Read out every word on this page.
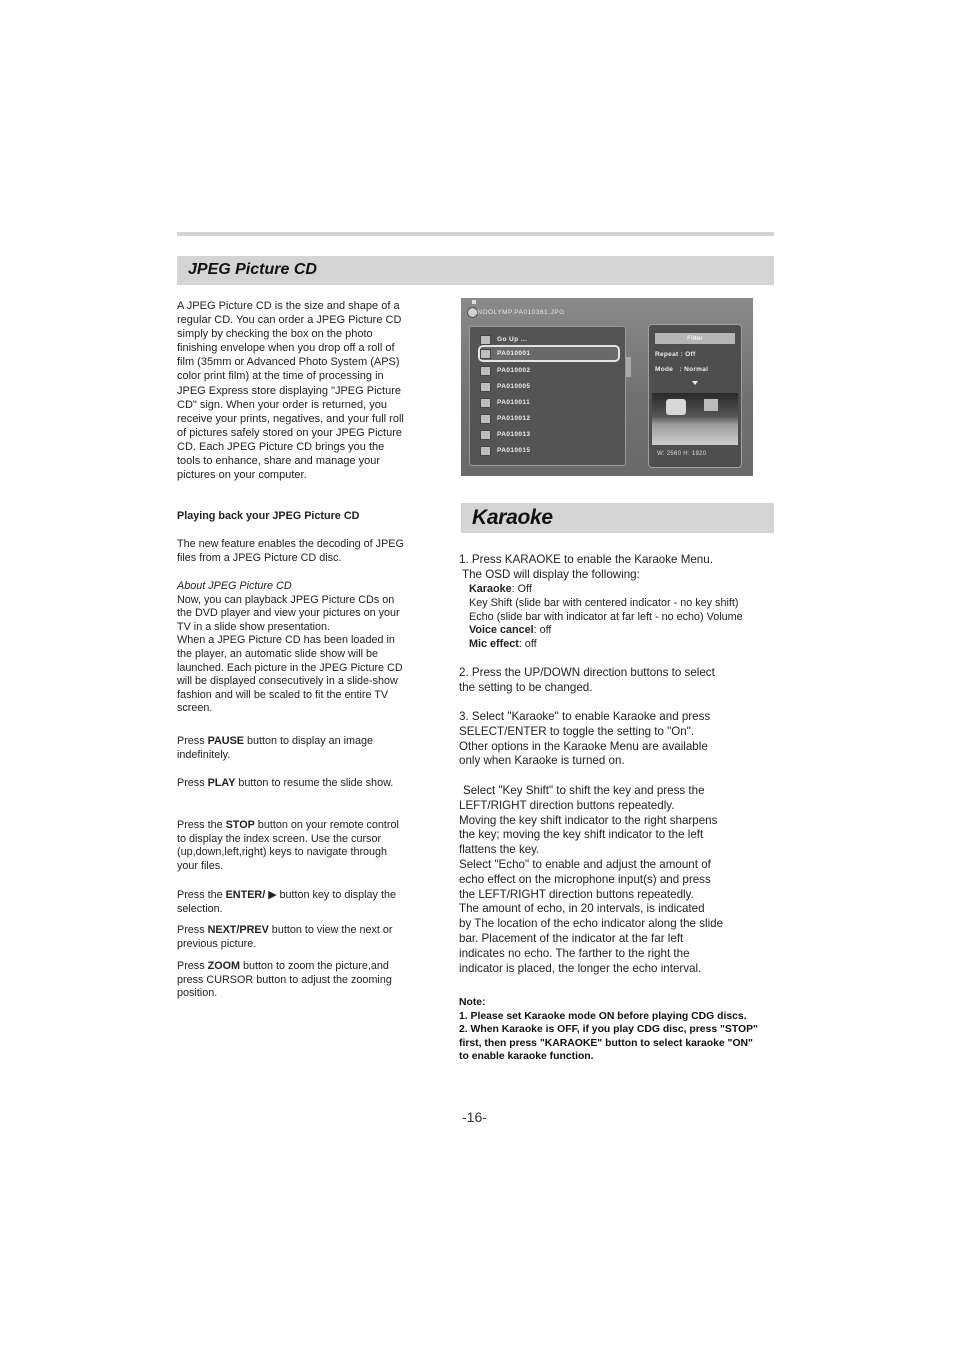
JPEG Picture CD

A JPEG Picture CD is the size and shape of a

regular CD. You can order a JPEG Picture CD

simply by checking the box on the photo

finishing envelope when you drop off a roll of

film (35mm or Advanced Photo System (APS)

color print film) at the time of processing in

JPEG Express store displaying "JPEG Picture

CD" sign. When your order is returned, you

receive your prints, negatives, and your full roll

of pictures safely stored on your JPEG Picture

CD. Each JPEG Picture CD brings you the

tools to enhance, share and manage your

pictures on your computer.

Playing back your JPEG Picture CD

The new feature enables the decoding of JPEG

files from a JPEG Picture CD disc.

About JPEG Picture CD

Now, you can playback JPEG Picture CDs on

the DVD player and view your pictures on your

TV in a slide show presentation.

When a JPEG Picture CD has been loaded in

the player, an automatic slide show will be

launched. Each picture in the JPEG Picture CD

will be displayed consecutively in a slide-show

fashion and will be scaled to fit the entire TV

screen.

Press PAUSE button to display an image

indefinitely.

Press PLAY button to resume the slide show.

Press the STOP button on your remote control

to display the index screen. Use the cursor

(up,down,left,right) keys to navigate through

your files.

Press the ENTER/ ▶ button key to display the

selection.

Press NEXT/PREV button to view the next or

previous picture.

Press ZOOM button to zoom the picture,and

press CURSOR button to adjust the zooming

position.

\NOOLYMP.PA010361.JPG
Go Up ...
PA010001
PA010002
PA010005
PA010011
PA010012
PA010013
PA010015
Filter
Repeat : Off
Mode : Normal
W: 2560 H: 1920
Karaoke

1. Press KARAOKE to enable the Karaoke Menu.

The OSD will display the following:

Karaoke: Off

Key Shift (slide bar with centered indicator - no key shift)

Echo (slide bar with indicator at far left - no echo) Volume

Voice cancel: off

Mic effect: off

2. Press the UP/DOWN direction buttons to select

the setting to be changed.

3. Select "Karaoke" to enable Karaoke and press

SELECT/ENTER to toggle the setting to "On".

Other options in the Karaoke Menu are available

only when Karaoke is turned on.

Select "Key Shift" to shift the key and press the

LEFT/RIGHT direction buttons repeatedly.

Moving the key shift indicator to the right sharpens

the key; moving the key shift indicator to the left

flattens the key.

Select "Echo" to enable and adjust the amount of

echo effect on the microphone input(s) and press

the LEFT/RIGHT direction buttons repeatedly.

The amount of echo, in 20 intervals, is indicated

by The location of the echo indicator along the slide

bar. Placement of the indicator at the far left

indicates no echo. The farther to the right the

indicator is placed, the longer the echo interval.

Note:

1. Please set Karaoke mode ON before playing CDG discs.

2. When Karaoke is OFF, if you play CDG disc, press "STOP"

first, then press "KARAOKE" button to select karaoke "ON"

to enable karaoke function.

-16-
